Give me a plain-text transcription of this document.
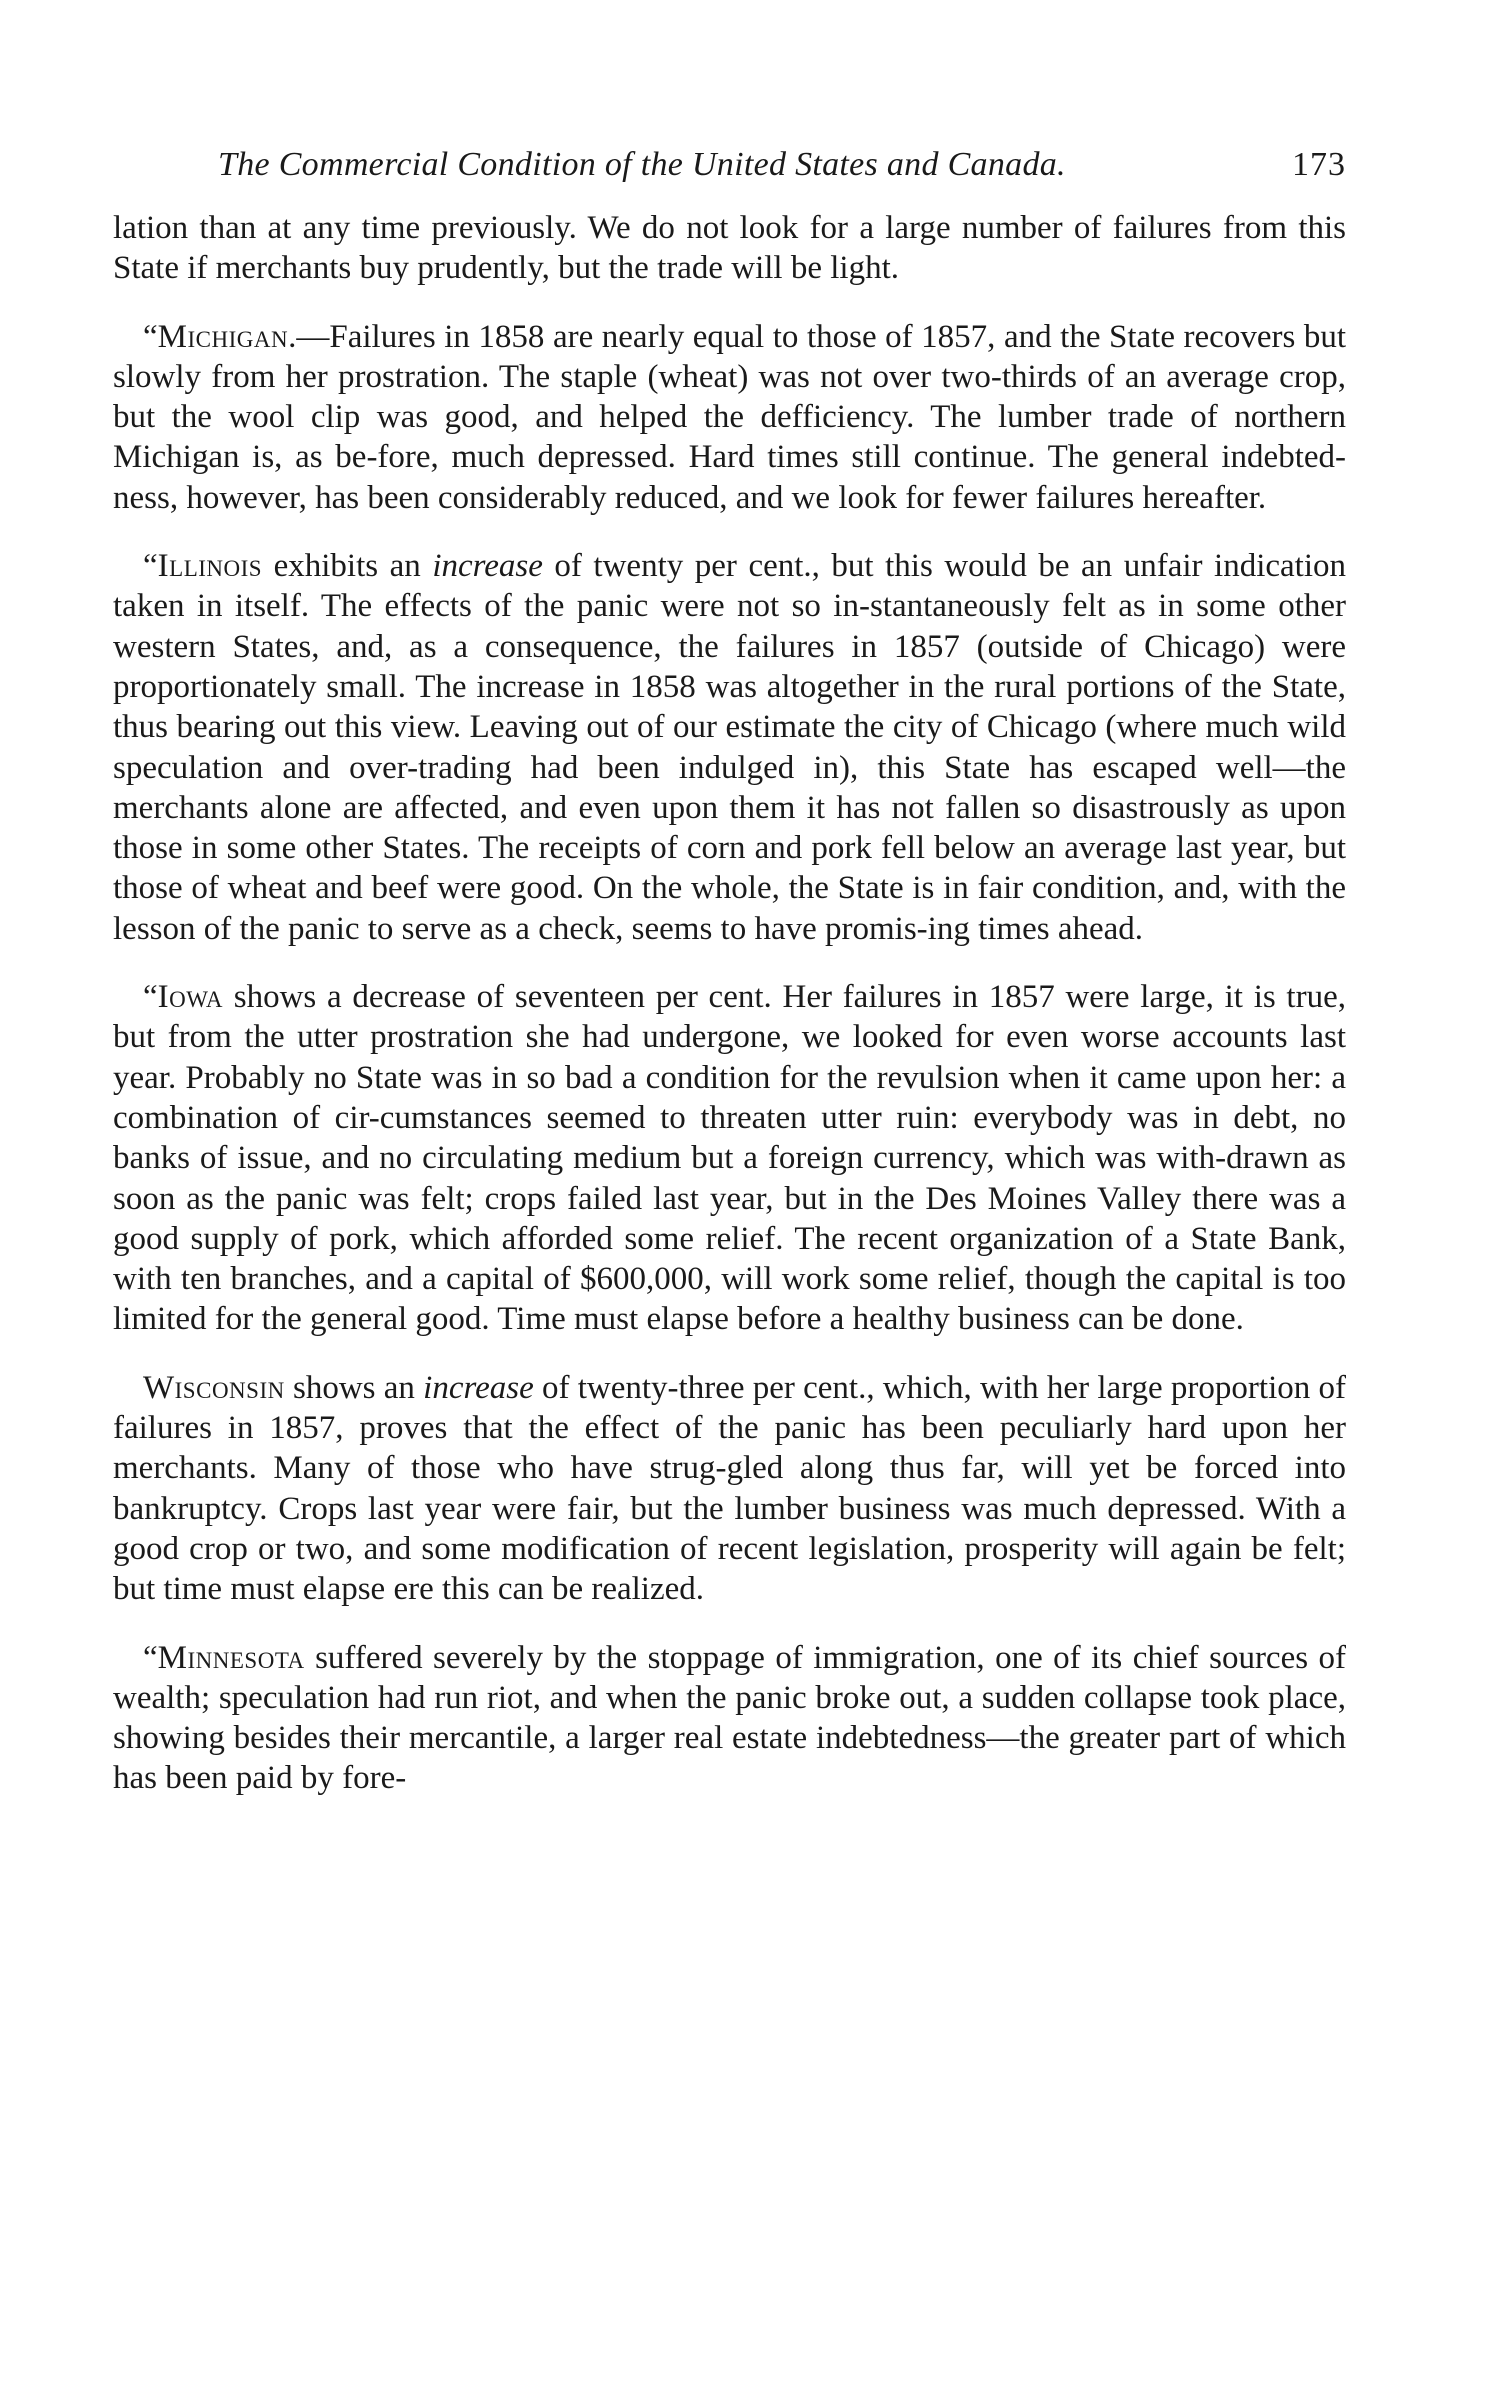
The Commercial Condition of the United States and Canada.	173

lation than at any time previously. We do not look for a large number of failures from this State if merchants buy prudently, but the trade will be light.

“Michigan.—Failures in 1858 are nearly equal to those of 1857, and the State recovers but slowly from her prostration. The staple (wheat) was not over two-thirds of an average crop, but the wool clip was good, and helped the defficiency. The lumber trade of northern Michigan is, as be-fore, much depressed. Hard times still continue. The general indebted-ness, however, has been considerably reduced, and we look for fewer failures hereafter.

“Illinois exhibits an increase of twenty per cent., but this would be an unfair indication taken in itself. The effects of the panic were not so in-stantaneously felt as in some other western States, and, as a consequence, the failures in 1857 (outside of Chicago) were proportionately small. The increase in 1858 was altogether in the rural portions of the State, thus bearing out this view. Leaving out of our estimate the city of Chicago (where much wild speculation and over-trading had been indulged in), this State has escaped well—the merchants alone are affected, and even upon them it has not fallen so disastrously as upon those in some other States. The receipts of corn and pork fell below an average last year, but those of wheat and beef were good. On the whole, the State is in fair condition, and, with the lesson of the panic to serve as a check, seems to have promis-ing times ahead.

“Iowa shows a decrease of seventeen per cent. Her failures in 1857 were large, it is true, but from the utter prostration she had undergone, we looked for even worse accounts last year. Probably no State was in so bad a condition for the revulsion when it came upon her: a combination of cir-cumstances seemed to threaten utter ruin: everybody was in debt, no banks of issue, and no circulating medium but a foreign currency, which was with-drawn as soon as the panic was felt; crops failed last year, but in the Des Moines Valley there was a good supply of pork, which afforded some relief. The recent organization of a State Bank, with ten branches, and a capital of $600,000, will work some relief, though the capital is too limited for the general good. Time must elapse before a healthy business can be done.

Wisconsin shows an increase of twenty-three per cent., which, with her large proportion of failures in 1857, proves that the effect of the panic has been peculiarly hard upon her merchants. Many of those who have strug-gled along thus far, will yet be forced into bankruptcy. Crops last year were fair, but the lumber business was much depressed. With a good crop or two, and some modification of recent legislation, prosperity will again be felt; but time must elapse ere this can be realized.

“Minnesota suffered severely by the stoppage of immigration, one of its chief sources of wealth; speculation had run riot, and when the panic broke out, a sudden collapse took place, showing besides their mercantile, a larger real estate indebtedness—the greater part of which has been paid by fore-
